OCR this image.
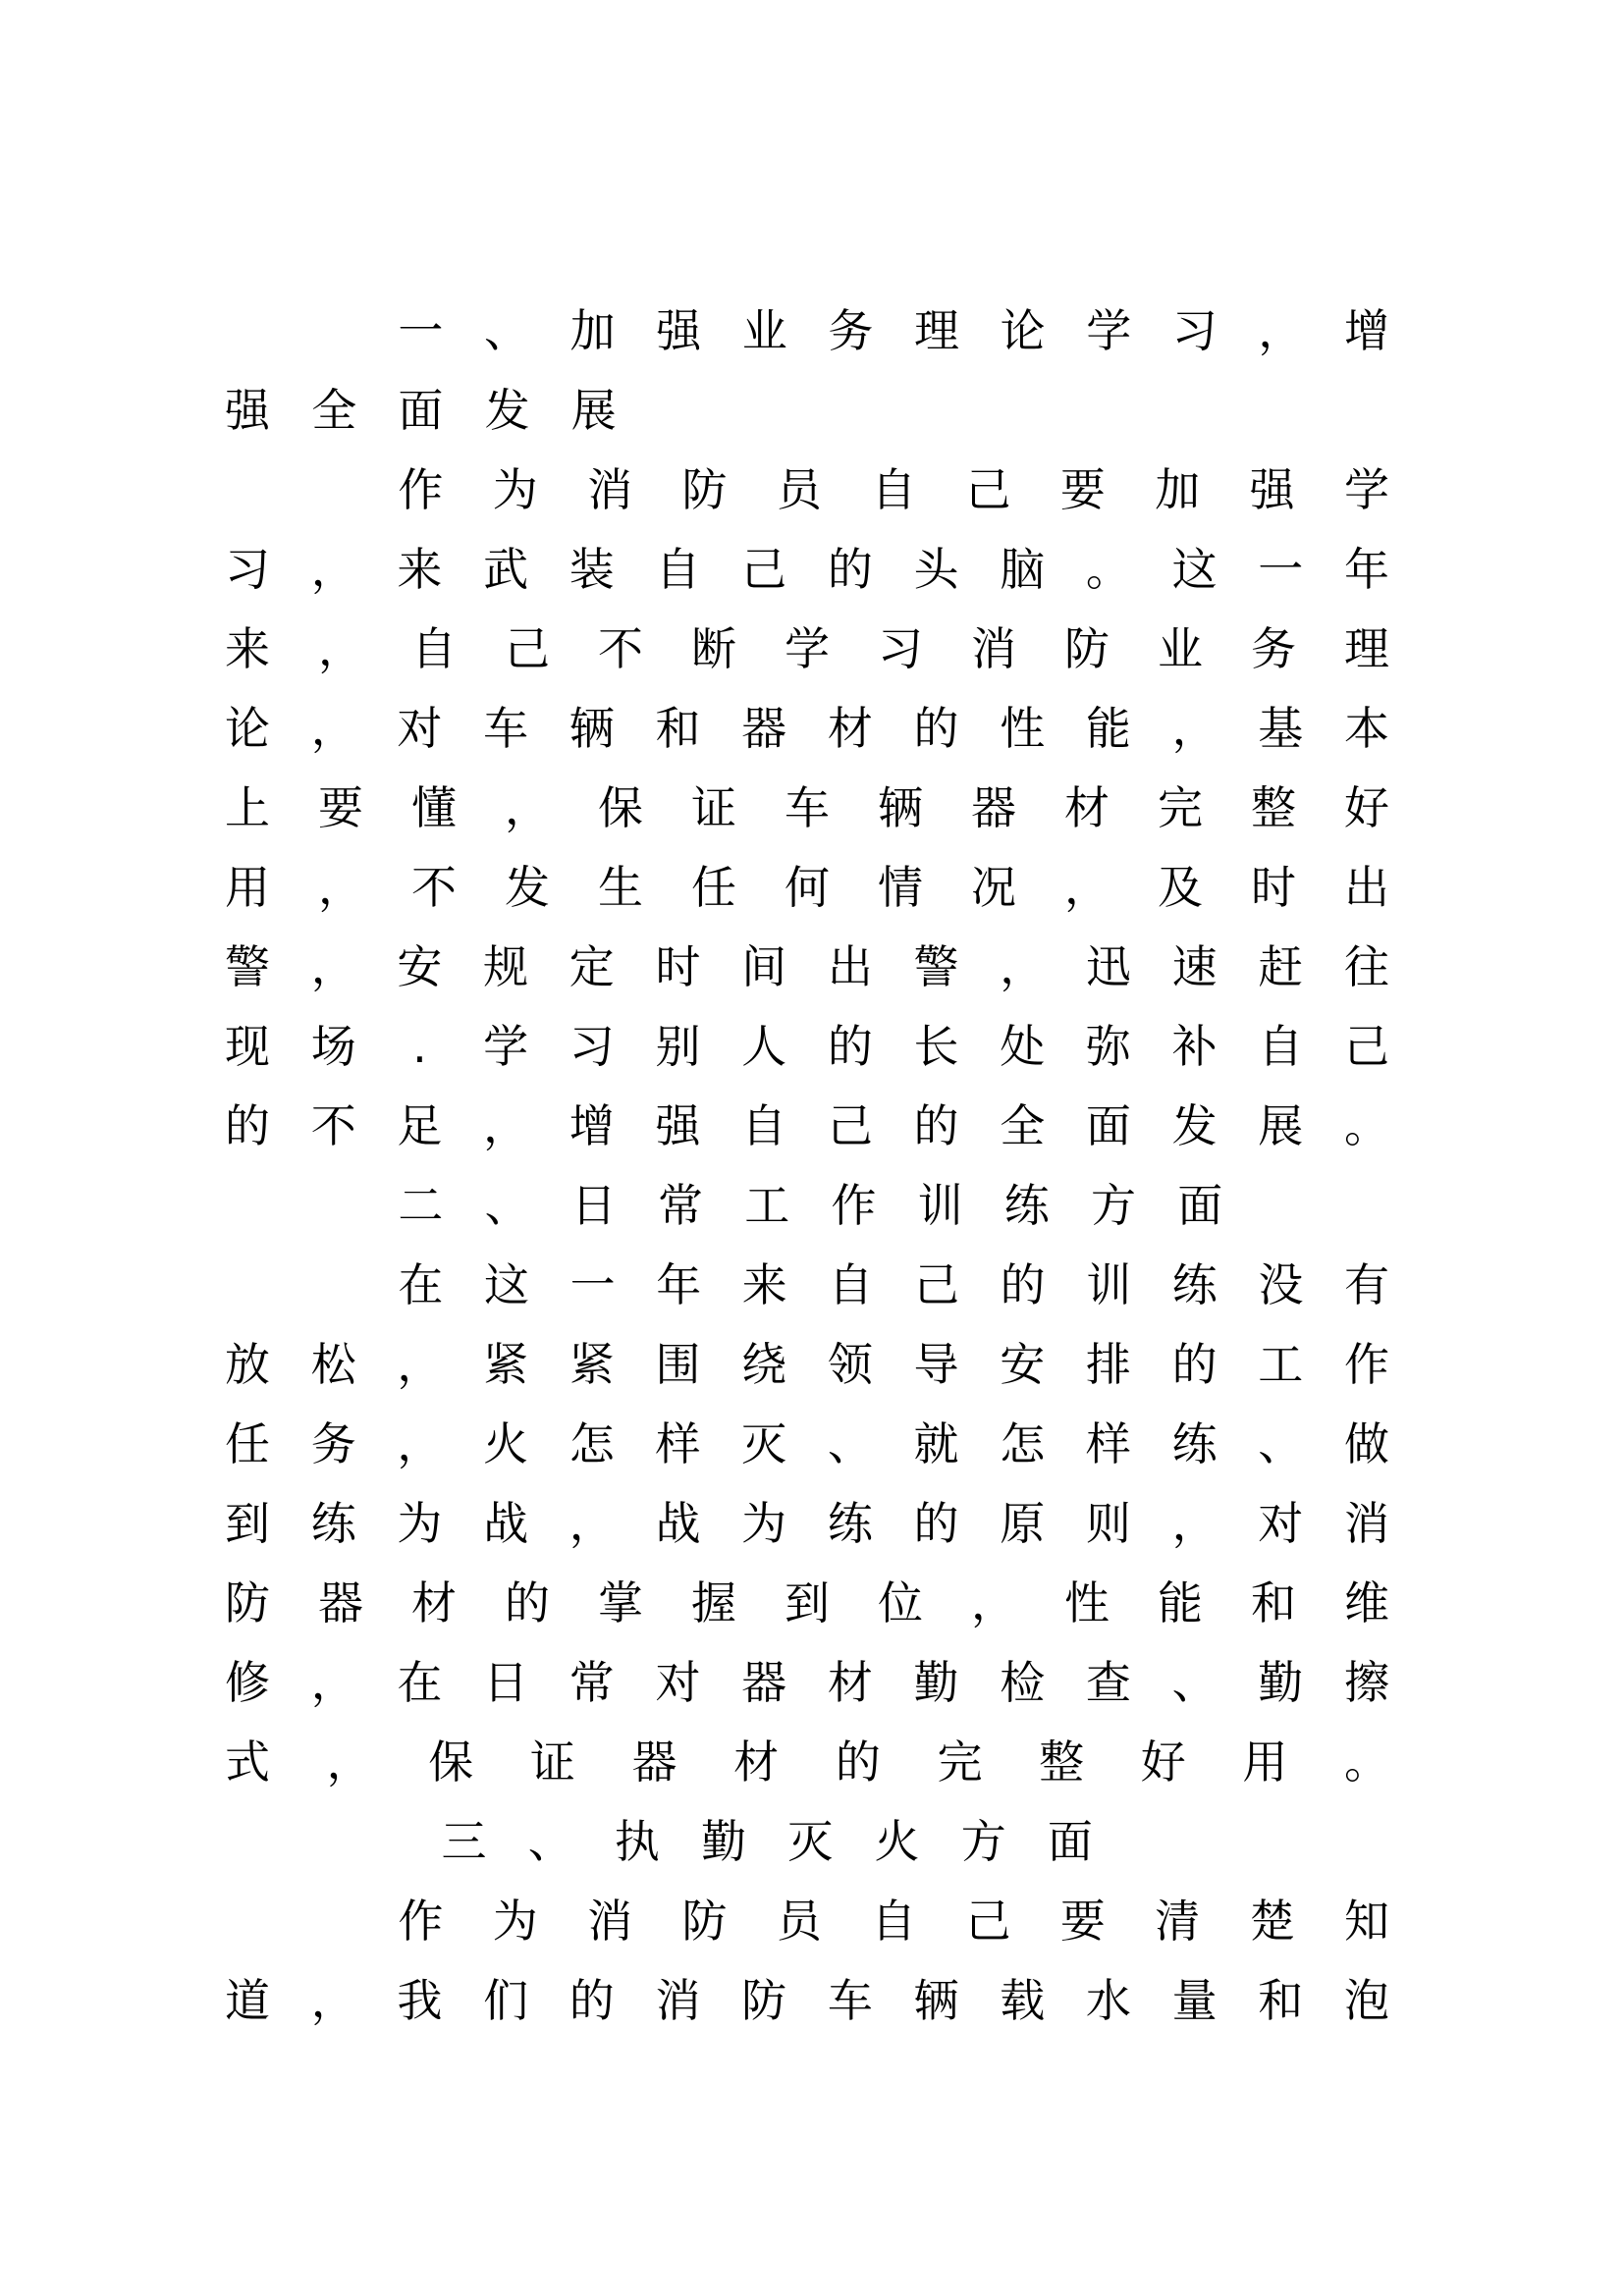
一 、 加 强 业 务 理 论 学 习 ， 增
强 全 面 发 展
作 为 消 防 员 自 己 要 加 强 学
习 ， 来 武 装 自 己 的 头 脑 。 这 一 年
来 ， 自 己 不 断 学 习 消 防 业 务 理
论 ， 对 车 辆 和 器 材 的 性 能 ， 基 本
上 要 懂 ， 保 证 车 辆 器 材 完 整 好
用 ， 不 发 生 任 何 情 况 ， 及 时 出
警 ， 安 规 定 时 间 出 警 ， 迅 速 赶 往
现 场	.	学 习 别 人 的 长 处 弥 补 自 己
的 不 足 ， 增 强 自 己 的 全 面 发 展 。
二 、 日 常 工 作 训 练 方 面
在 这 一 年 来 自 己 的 训 练 没 有
放 松 ， 紧 紧 围 绕 领 导 安 排 的 工 作
任 务 ， 火 怎 样 灭 、 就 怎 样 练 、 做
到 练 为 战 ， 战 为 练 的 原 则 ， 对 消
防 器 材 的 掌 握 到 位 ， 性 能 和 维
修 ， 在 日 常 对 器 材 勤 检 查 、 勤 擦
式 ， 保 证 器 材 的 完 整 好 用 。
三 、 执 勤 灭 火 方 面
作 为 消 防 员 自 己 要 清 楚 知
道 ， 我 们 的 消 防 车 辆 载 水 量 和 泡
